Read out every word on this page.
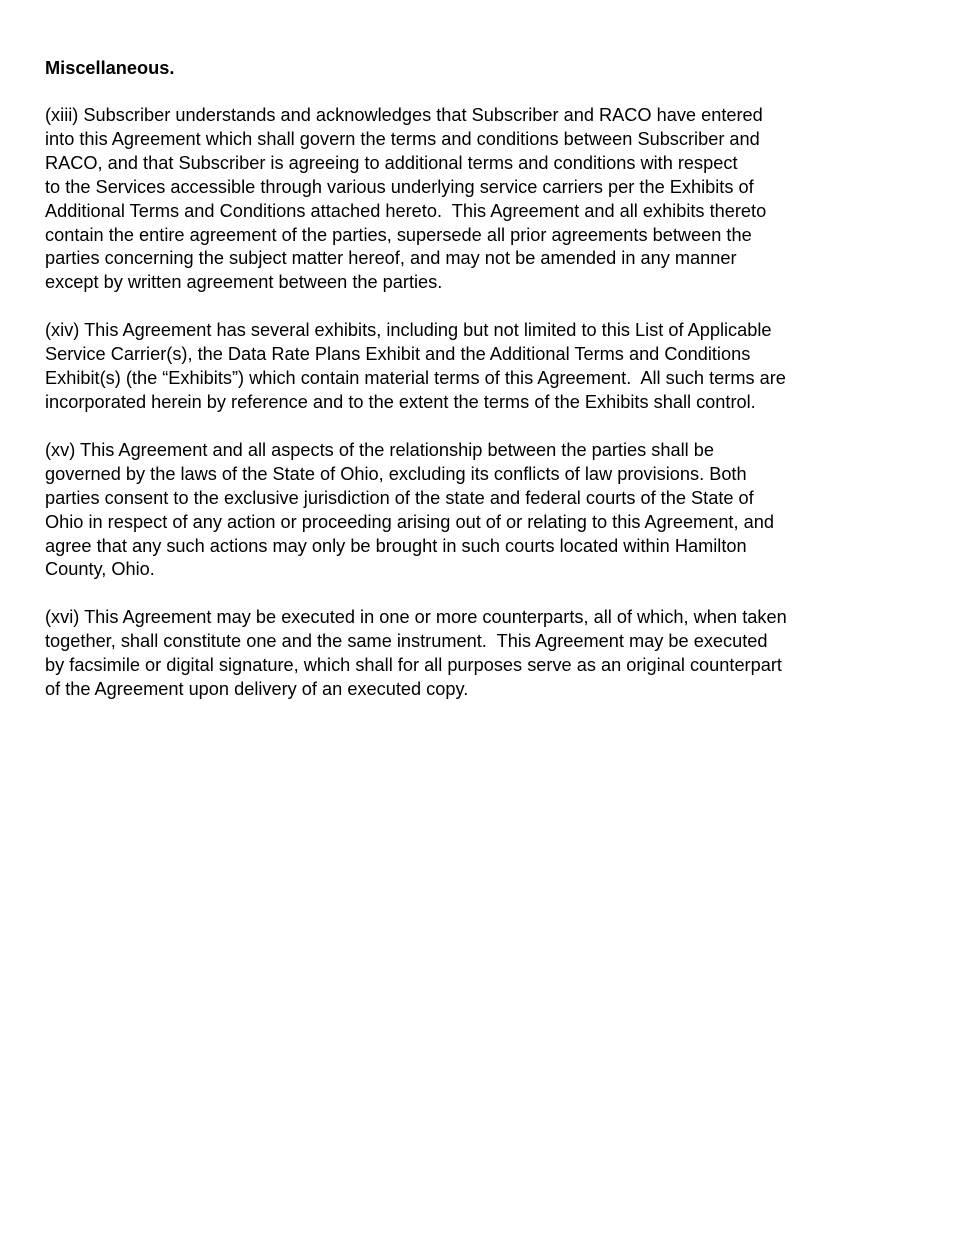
Miscellaneous.
(xiii) Subscriber understands and acknowledges that Subscriber and RACO have entered
into this Agreement which shall govern the terms and conditions between Subscriber and
RACO, and that Subscriber is agreeing to additional terms and conditions with respect
to the Services accessible through various underlying service carriers per the Exhibits of
Additional Terms and Conditions attached hereto.  This Agreement and all exhibits thereto
contain the entire agreement of the parties, supersede all prior agreements between the
parties concerning the subject matter hereof, and may not be amended in any manner
except by written agreement between the parties.
(xiv) This Agreement has several exhibits, including but not limited to this List of Applicable
Service Carrier(s), the Data Rate Plans Exhibit and the Additional Terms and Conditions
Exhibit(s) (the “Exhibits”) which contain material terms of this Agreement.  All such terms are
incorporated herein by reference and to the extent the terms of the Exhibits shall control.
(xv) This Agreement and all aspects of the relationship between the parties shall be
governed by the laws of the State of Ohio, excluding its conflicts of law provisions. Both
parties consent to the exclusive jurisdiction of the state and federal courts of the State of
Ohio in respect of any action or proceeding arising out of or relating to this Agreement, and
agree that any such actions may only be brought in such courts located within Hamilton
County, Ohio.
(xvi) This Agreement may be executed in one or more counterparts, all of which, when taken
together, shall constitute one and the same instrument.  This Agreement may be executed
by facsimile or digital signature, which shall for all purposes serve as an original counterpart
of the Agreement upon delivery of an executed copy.
